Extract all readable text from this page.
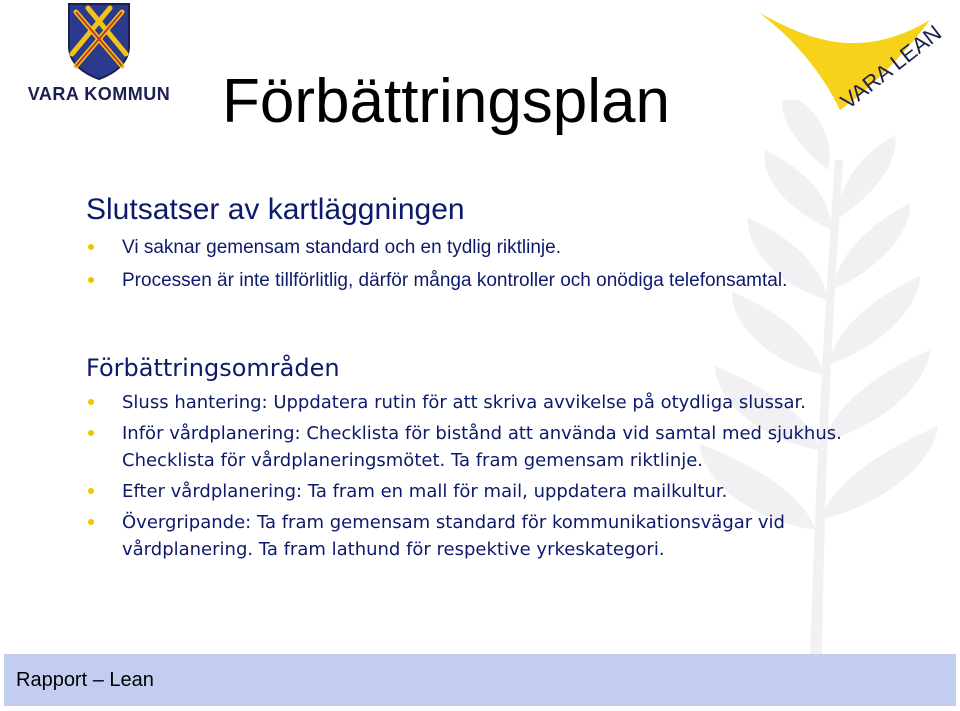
VARA KOMMUN	VARA LEAN
Förbättringsplan
Slutsatser av kartläggningen
Vi saknar gemensam standard och en tydlig riktlinje.
Processen är inte tillförlitlig, därför många kontroller och onödiga telefonsamtal.
Förbättringsområden
Sluss hantering: Uppdatera rutin för att skriva avvikelse på otydliga slussar.
Inför vårdplanering: Checklista för bistånd att använda vid samtal med sjukhus. Checklista för vårdplaneringsmötet. Ta fram gemensam riktlinje.
Efter vårdplanering: Ta fram en mall för mail, uppdatera mailkultur.
Övergripande: Ta fram gemensam standard för kommunikationsvägar vid vårdplanering. Ta fram lathund för respektive yrkeskategori.
Rapport – Lean
